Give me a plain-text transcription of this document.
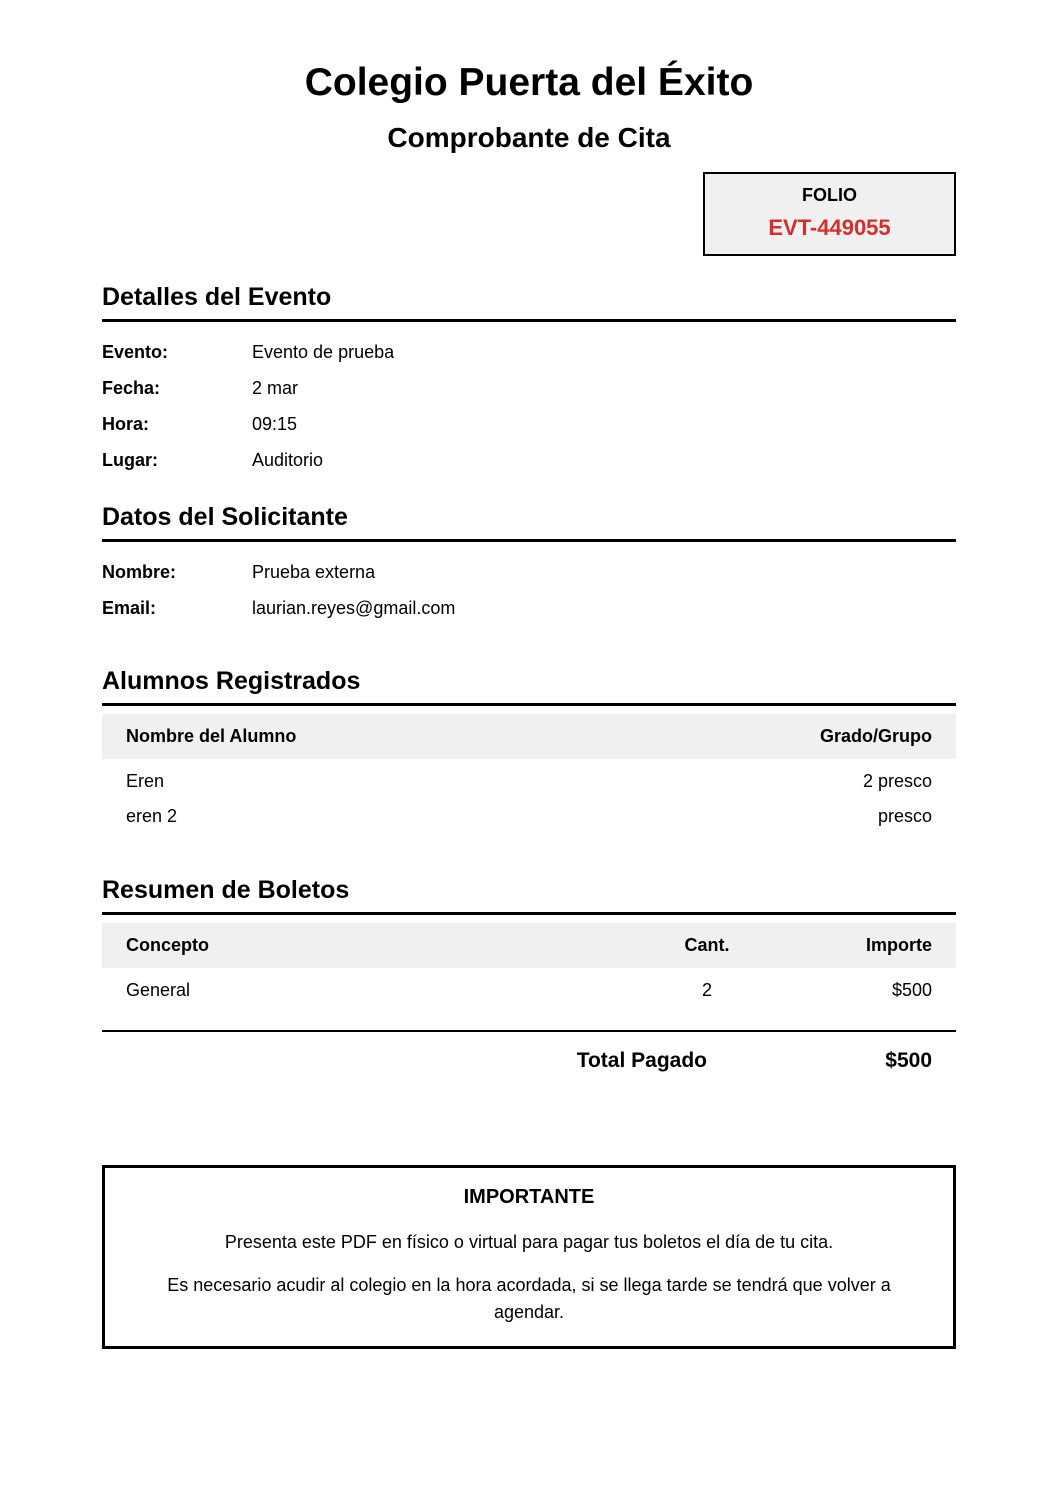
Colegio Puerta del Éxito
Comprobante de Cita
FOLIO
EVT-449055
Detalles del Evento
Evento:	Evento de prueba
Fecha:	2 mar
Hora:	09:15
Lugar:	Auditorio
Datos del Solicitante
Nombre:	Prueba externa
Email:	laurian.reyes@gmail.com
Alumnos Registrados
Nombre del Alumno	Grado/Grupo
Eren	2 presco
eren 2	presco
Resumen de Boletos
Concepto	Cant.	Importe
General	2	$500
Total Pagado	$500
IMPORTANTE

Presenta este PDF en físico o virtual para pagar tus boletos el día de tu cita.

Es necesario acudir al colegio en la hora acordada, si se llega tarde se tendrá que volver a agendar.
